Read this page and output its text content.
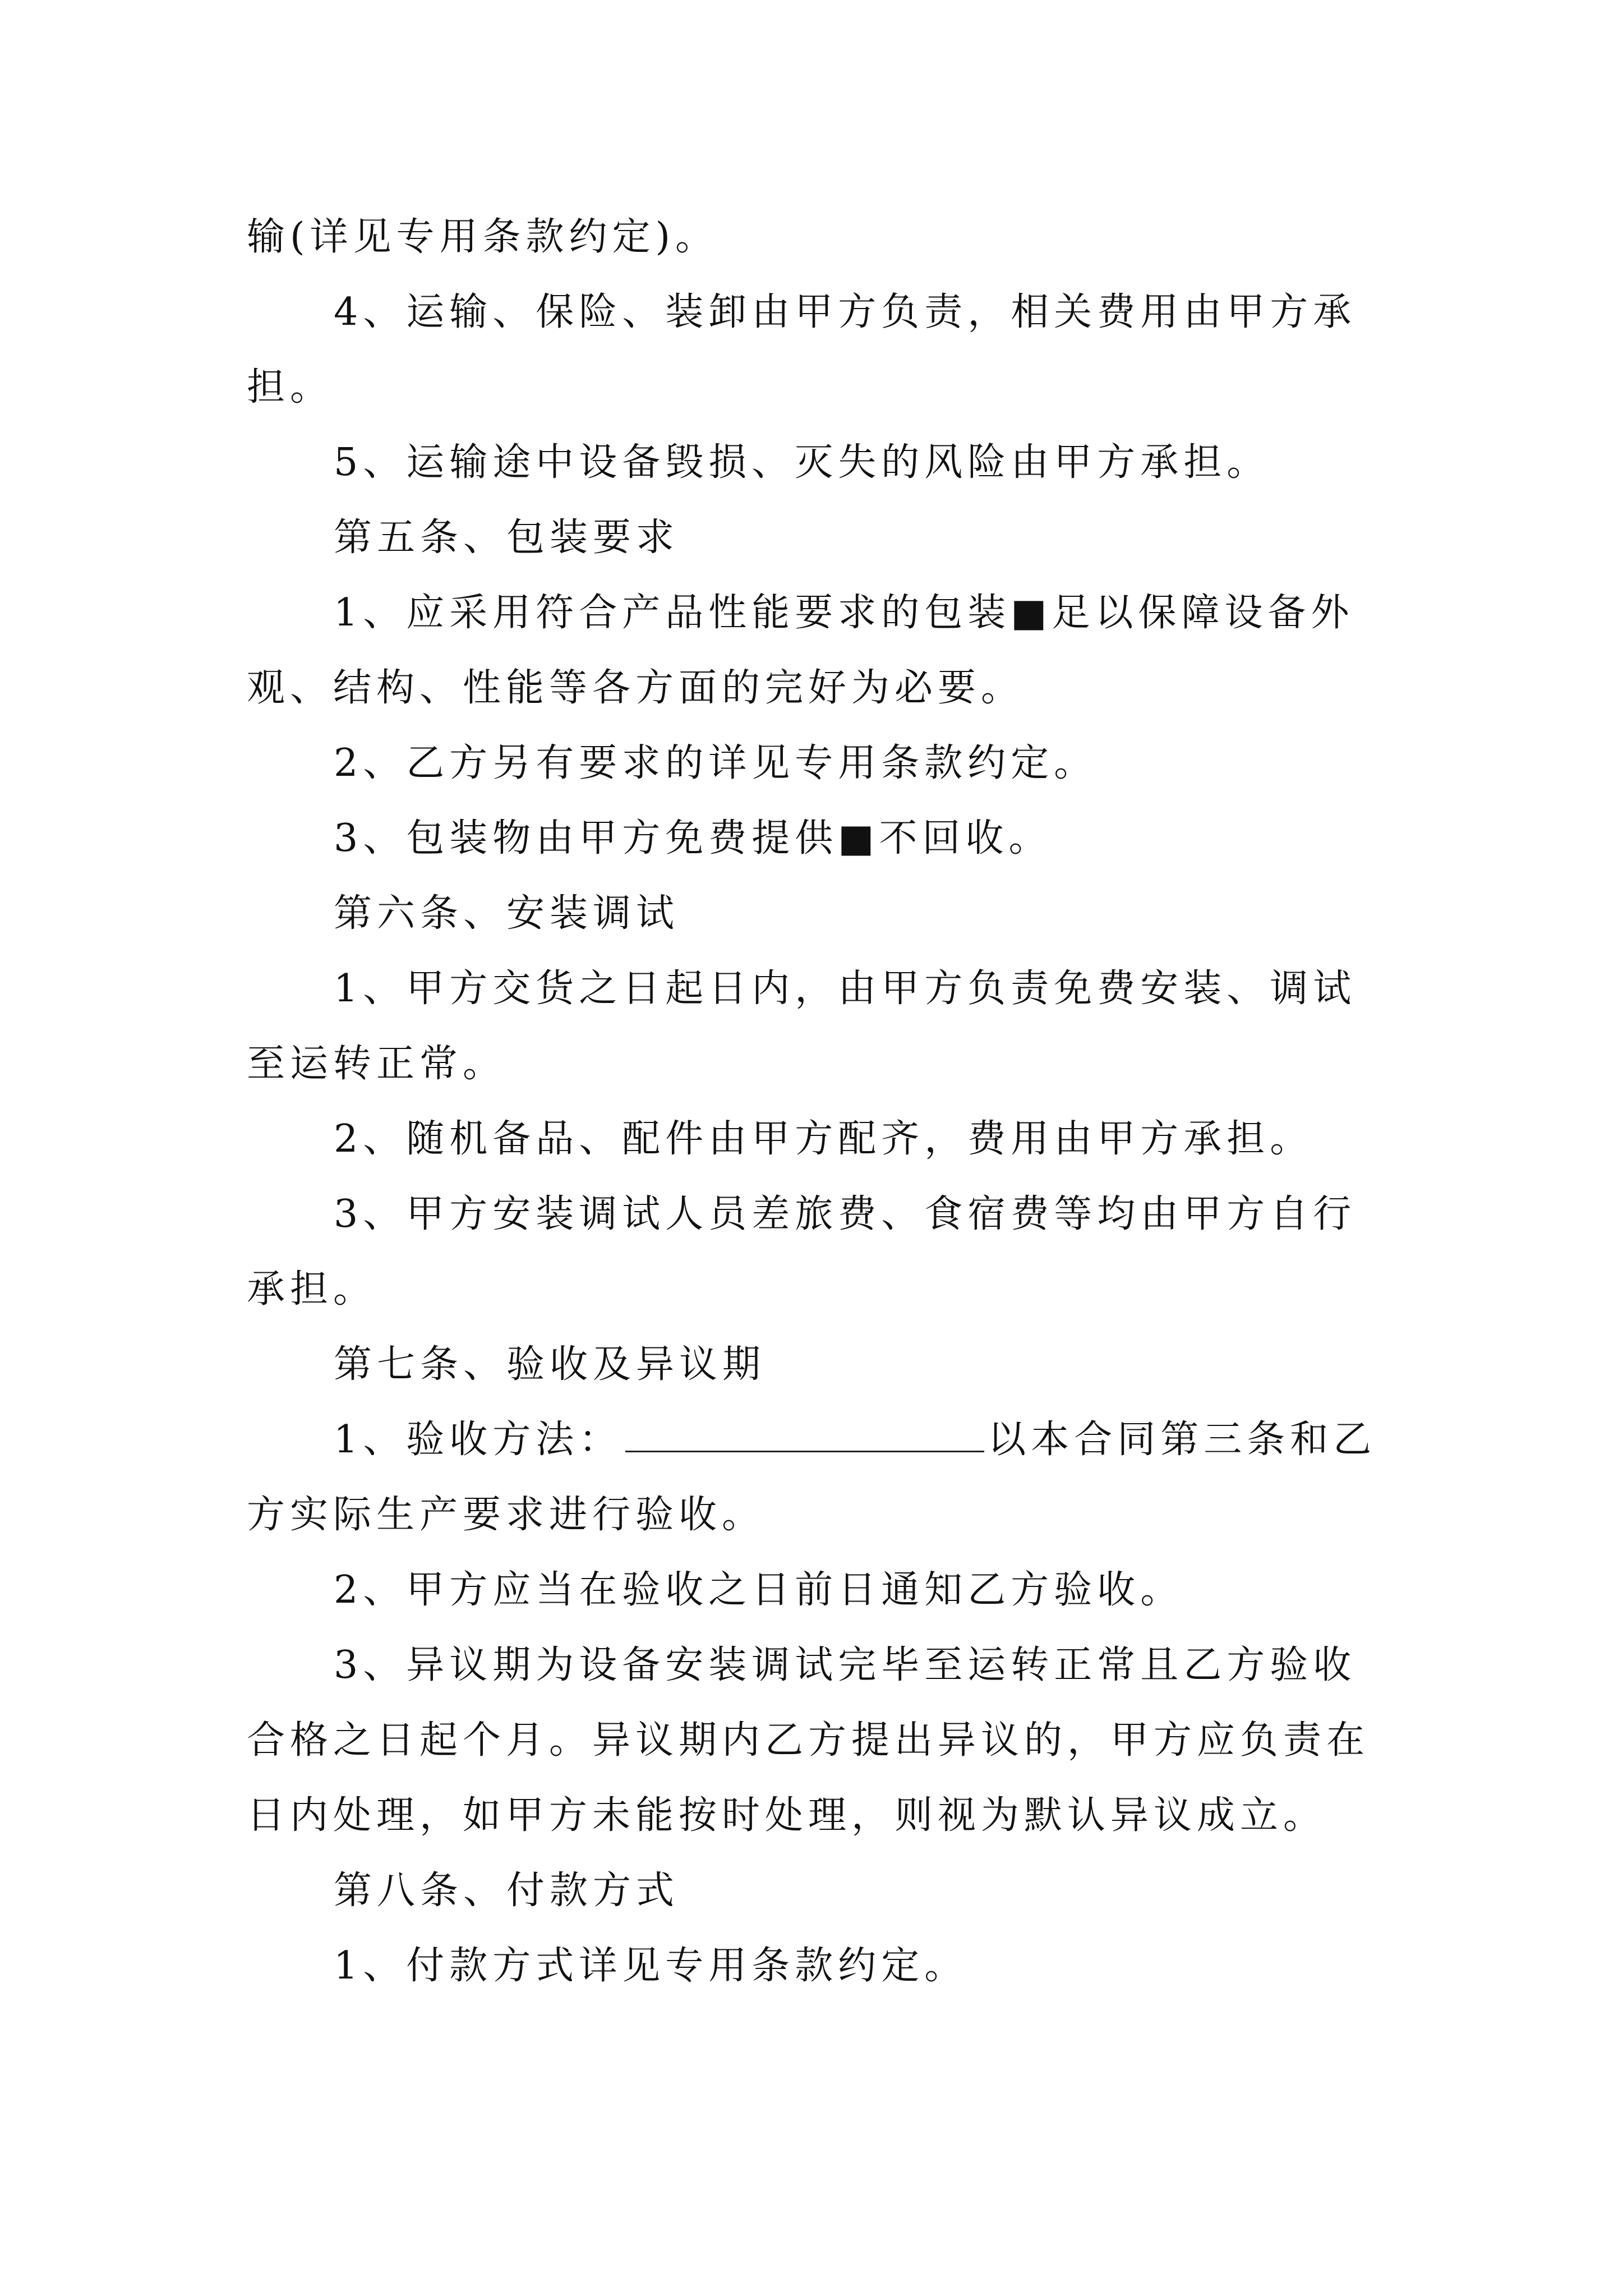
输(详见专用条款约定)。

4、运输、保险、装卸由甲方负责，相关费用由甲方承担。

5、运输途中设备毁损、灭失的风险由甲方承担。

第五条、包装要求

1、应采用符合产品性能要求的包装■足以保障设备外观、结构、性能等各方面的完好为必要。

2、乙方另有要求的详见专用条款约定。

3、包装物由甲方免费提供■不回收。

第六条、安装调试

1、甲方交货之日起日内，由甲方负责免费安装、调试至运转正常。

2、随机备品、配件由甲方配齐，费用由甲方承担。

3、甲方安装调试人员差旅费、食宿费等均由甲方自行承担。

第七条、验收及异议期

1、验收方法：	以本合同第三条和乙方实际生产要求进行验收。

2、甲方应当在验收之日前日通知乙方验收。

3、异议期为设备安装调试完毕至运转正常且乙方验收合格之日起个月。异议期内乙方提出异议的，甲方应负责在日内处理，如甲方未能按时处理，则视为默认异议成立。

第八条、付款方式

1、付款方式详见专用条款约定。
